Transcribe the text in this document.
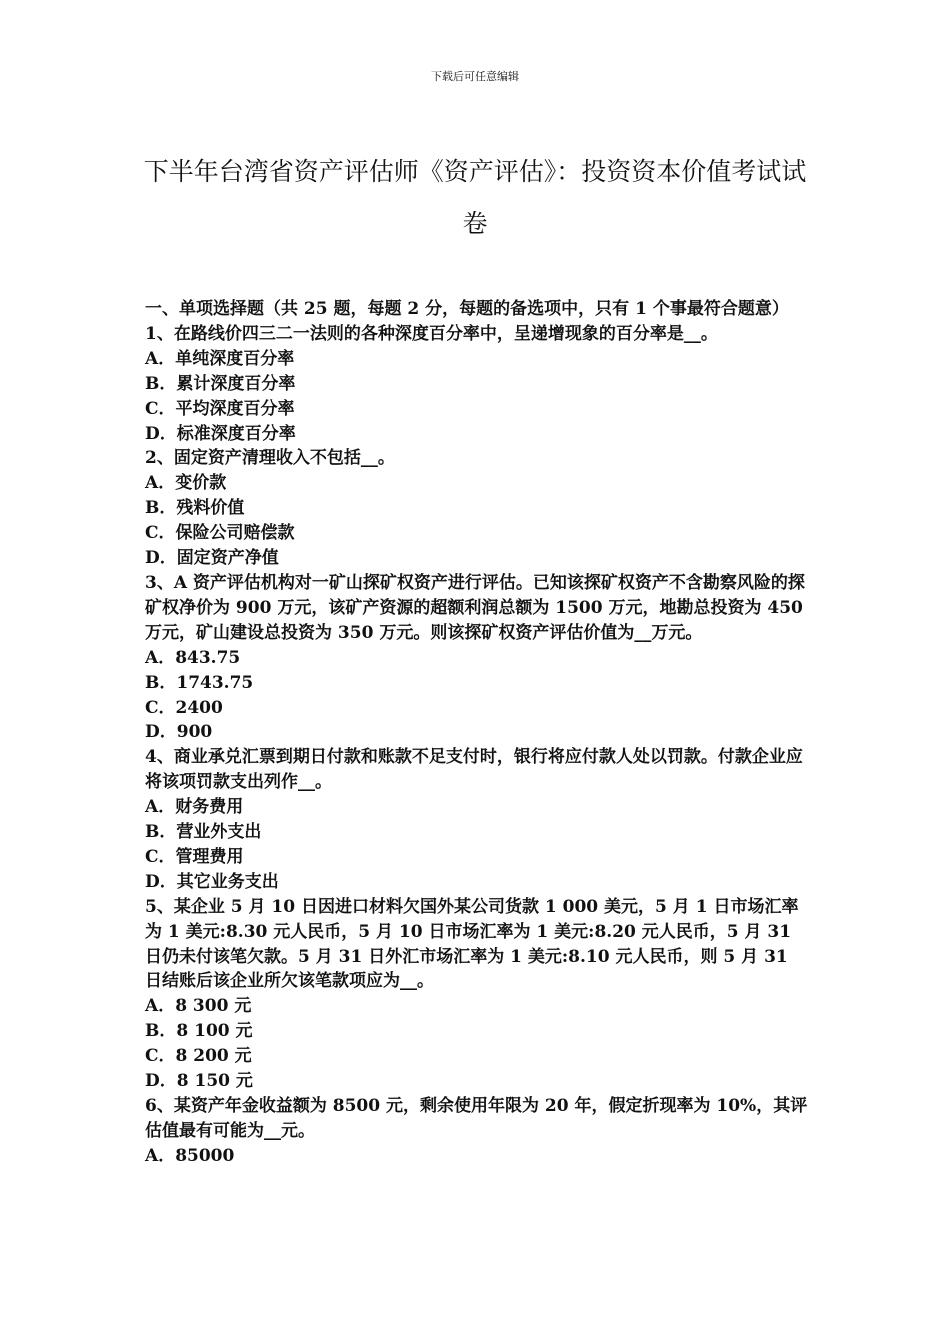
下载后可任意编辑
下半年台湾省资产评估师《资产评估》：投资资本价值考试试卷
一、单项选择题（共 25 题，每题 2 分，每题的备选项中，只有 1 个事最符合题意）
1、在路线价四三二一法则的各种深度百分率中，呈递增现象的百分率是__。
A．单纯深度百分率
B．累计深度百分率
C．平均深度百分率
D．标准深度百分率
2、固定资产清理收入不包括__。
A．变价款
B．残料价值
C．保险公司赔偿款
D．固定资产净值
3、A 资产评估机构对一矿山探矿权资产进行评估。已知该探矿权资产不含勘察风险的探矿权净价为 900 万元，该矿产资源的超额利润总额为 1500 万元，地勘总投资为 450 万元，矿山建设总投资为 350 万元。则该探矿权资产评估价值为__万元。
A．843.75
B．1743.75
C．2400
D．900
4、商业承兑汇票到期日付款和账款不足支付时，银行将应付款人处以罚款。付款企业应将该项罚款支出列作__。
A．财务费用
B．营业外支出
C．管理费用
D．其它业务支出
5、某企业 5 月 10 日因进口材料欠国外某公司货款 1 000 美元，5 月 1 日市场汇率为 1 美元:8.30 元人民币，5 月 10 日市场汇率为 1 美元:8.20 元人民币，5 月 31 日仍未付该笔欠款。5 月 31 日外汇市场汇率为 1 美元:8.10 元人民币，则 5 月 31 日结账后该企业所欠该笔款项应为__。
A．8 300 元
B．8 100 元
C．8 200 元
D．8 150 元
6、某资产年金收益额为 8500 元，剩余使用年限为 20 年，假定折现率为 10%，其评估值最有可能为__元。
A．85000
